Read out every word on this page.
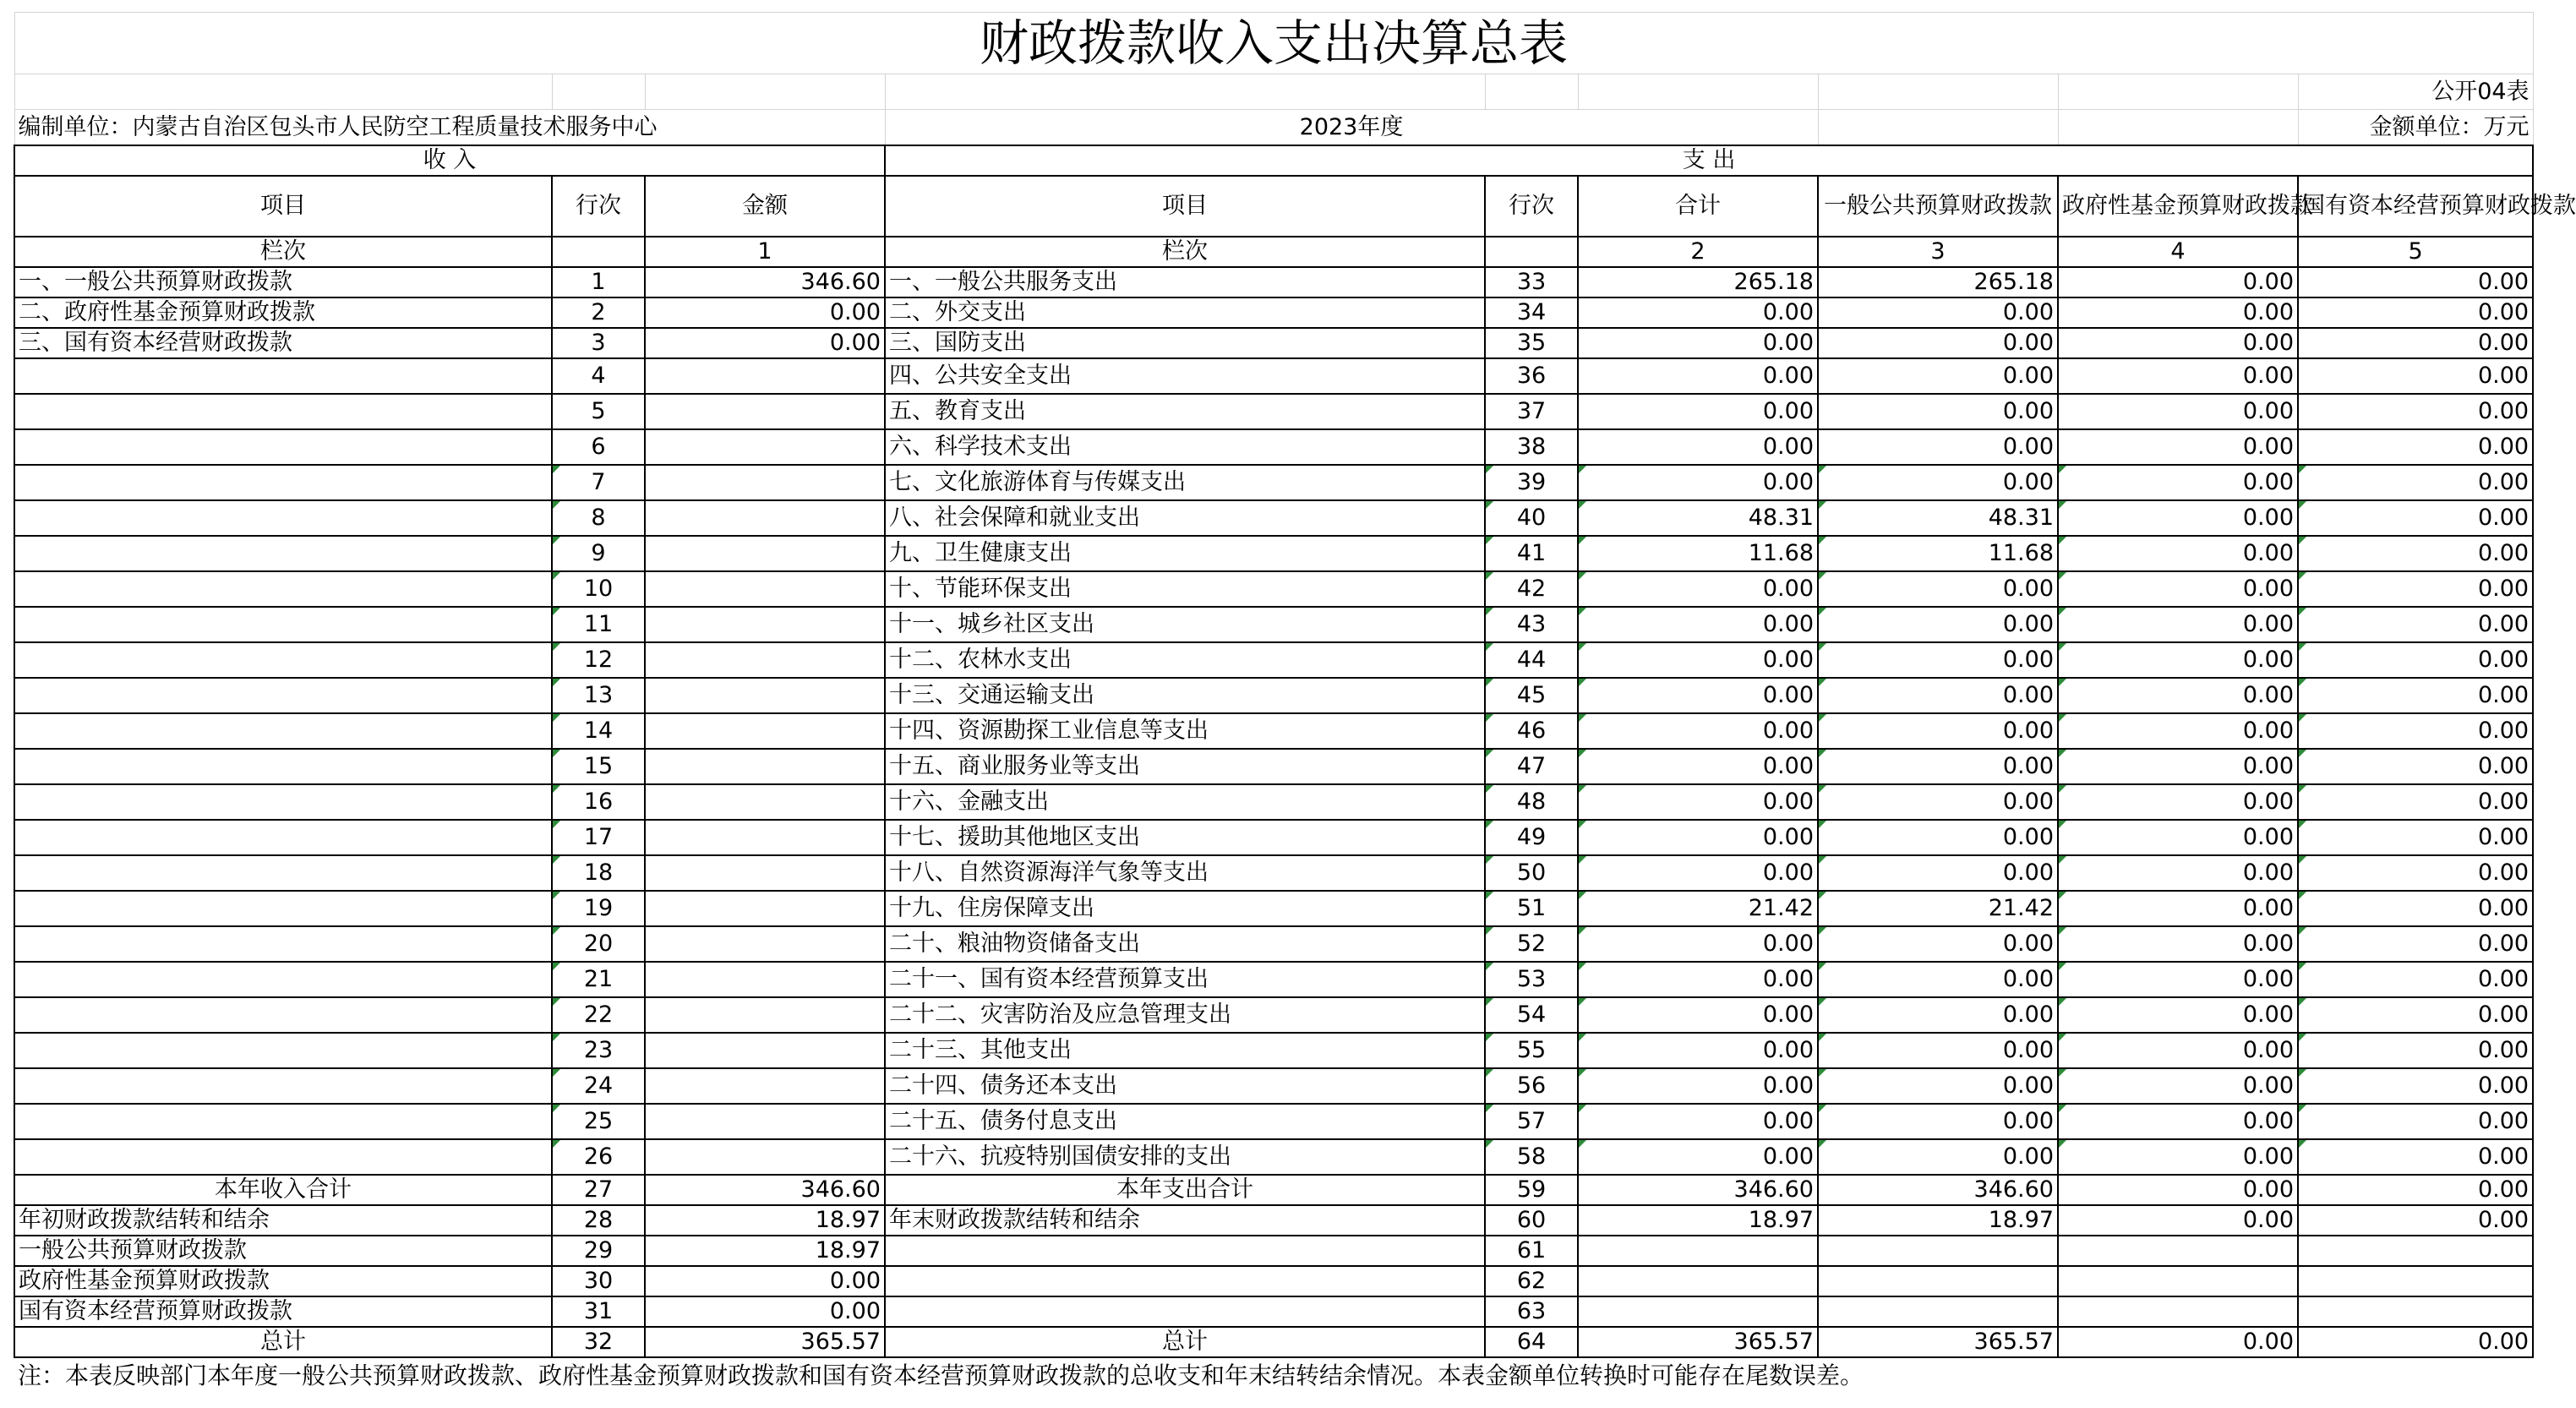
财政拨款收入支出决算总表								
								公开04表
编制单位：内蒙古自治区包头市人民防空工程质量技术服务中心			2023年度					金额单位：万元
收 入			支 出					
项目	行次	金额	项目	行次	合计	一般公共预算财政拨款	政府性基金预算财政拨款	国有资本经营预算财政拨款
栏次		1	栏次		2	3	4	5
一、一般公共预算财政拨款	1	346.60	一、一般公共服务支出	33	265.18	265.18	0.00	0.00
二、政府性基金预算财政拨款	2	0.00	二、外交支出	34	0.00	0.00	0.00	0.00
三、国有资本经营财政拨款	3	0.00	三、国防支出	35	0.00	0.00	0.00	0.00
	4		四、公共安全支出	36	0.00	0.00	0.00	0.00
	5		五、教育支出	37	0.00	0.00	0.00	0.00
	6		六、科学技术支出	38	0.00	0.00	0.00	0.00
	7		七、文化旅游体育与传媒支出	39	0.00	0.00	0.00	0.00
	8		八、社会保障和就业支出	40	48.31	48.31	0.00	0.00
	9		九、卫生健康支出	41	11.68	11.68	0.00	0.00
	10		十、节能环保支出	42	0.00	0.00	0.00	0.00
	11		十一、城乡社区支出	43	0.00	0.00	0.00	0.00
	12		十二、农林水支出	44	0.00	0.00	0.00	0.00
	13		十三、交通运输支出	45	0.00	0.00	0.00	0.00
	14		十四、资源勘探工业信息等支出	46	0.00	0.00	0.00	0.00
	15		十五、商业服务业等支出	47	0.00	0.00	0.00	0.00
	16		十六、金融支出	48	0.00	0.00	0.00	0.00
	17		十七、援助其他地区支出	49	0.00	0.00	0.00	0.00
	18		十八、自然资源海洋气象等支出	50	0.00	0.00	0.00	0.00
	19		十九、住房保障支出	51	21.42	21.42	0.00	0.00
	20		二十、粮油物资储备支出	52	0.00	0.00	0.00	0.00
	21		二十一、国有资本经营预算支出	53	0.00	0.00	0.00	0.00
	22		二十二、灾害防治及应急管理支出	54	0.00	0.00	0.00	0.00
	23		二十三、其他支出	55	0.00	0.00	0.00	0.00
	24		二十四、债务还本支出	56	0.00	0.00	0.00	0.00
	25		二十五、债务付息支出	57	0.00	0.00	0.00	0.00
	26		二十六、抗疫特别国债安排的支出	58	0.00	0.00	0.00	0.00
本年收入合计	27	346.60	本年支出合计	59	346.60	346.60	0.00	0.00
年初财政拨款结转和结余	28	18.97	年末财政拨款结转和结余	60	18.97	18.97	0.00	0.00
一般公共预算财政拨款	29	18.97		61				
政府性基金预算财政拨款	30	0.00		62				
国有资本经营预算财政拨款	31	0.00		63				
总计	32	365.57	总计	64	365.57	365.57	0.00	0.00
注：本表反映部门本年度一般公共预算财政拨款、政府性基金预算财政拨款和国有资本经营预算财政拨款的总收支和年末结转结余情况。本表金额单位转换时可能存在尾数误差。								
